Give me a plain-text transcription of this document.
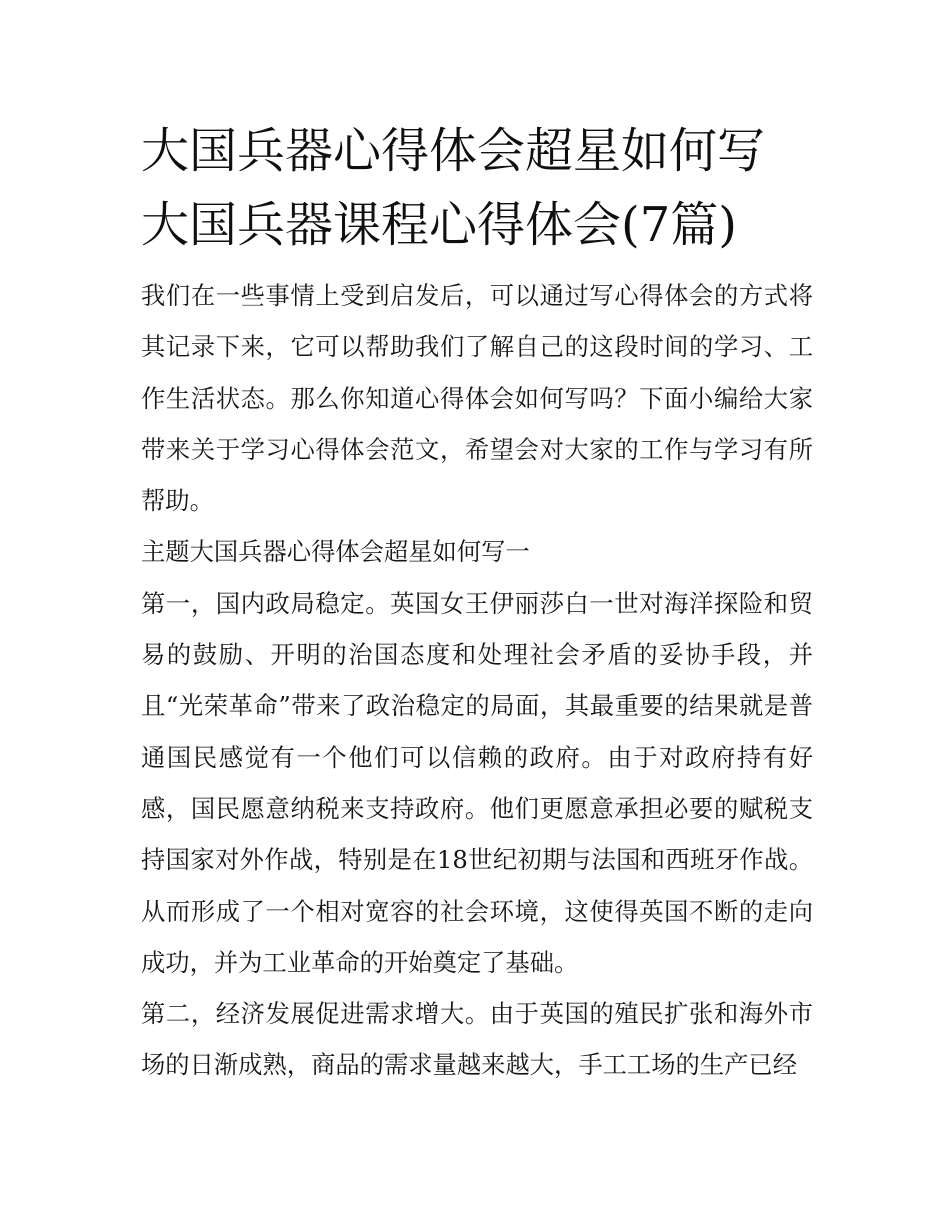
大国兵器心得体会超星如何写
大国兵器课程心得体会(7篇)

我们在一些事情上受到启发后，可以通过写心得体会的方式将其记录下来，它可以帮助我们了解自己的这段时间的学习、工作生活状态。那么你知道心得体会如何写吗？下面小编给大家带来关于学习心得体会范文，希望会对大家的工作与学习有所帮助。

主题大国兵器心得体会超星如何写一

第一，国内政局稳定。英国女王伊丽莎白一世对海洋探险和贸易的鼓励、开明的治国态度和处理社会矛盾的妥协手段，并且“光荣革命”带来了政治稳定的局面，其最重要的结果就是普通国民感觉有一个他们可以信赖的政府。由于对政府持有好感，国民愿意纳税来支持政府。他们更愿意承担必要的赋税支持国家对外作战，特别是在18世纪初期与法国和西班牙作战。从而形成了一个相对宽容的社会环境，这使得英国不断的走向成功，并为工业革命的开始奠定了基础。

第二，经济发展促进需求增大。由于英国的殖民扩张和海外市场的日渐成熟，商品的需求量越来越大，手工工场的生产已经
